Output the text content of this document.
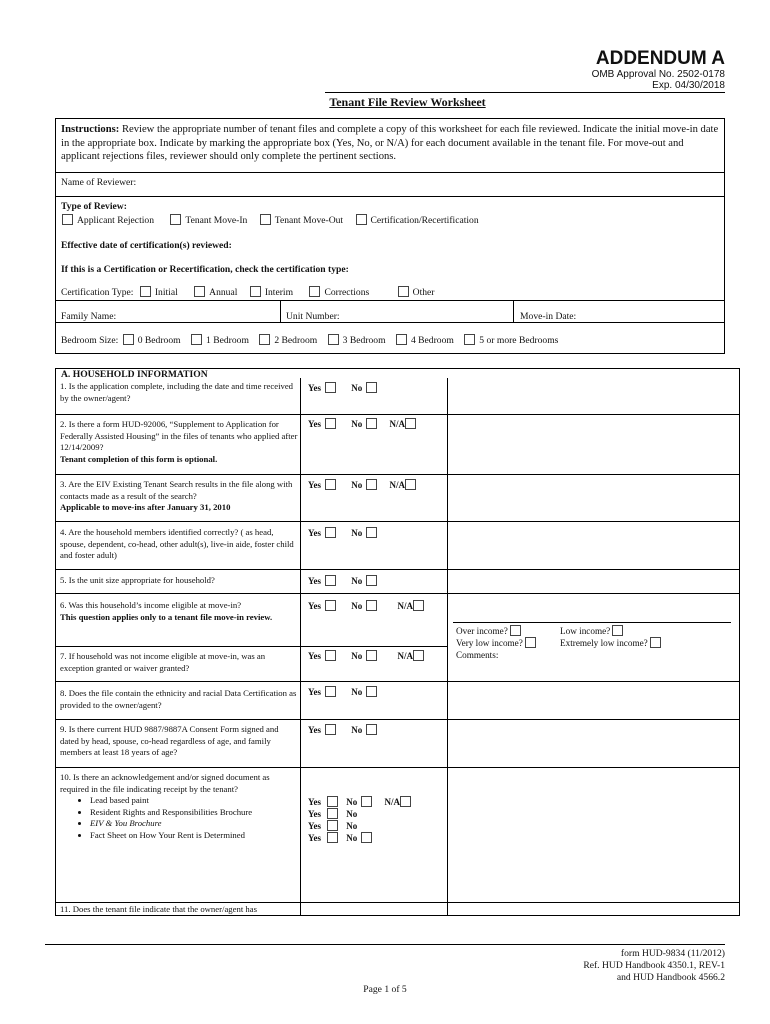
ADDENDUM A
OMB Approval No. 2502-0178
Exp. 04/30/2018
Tenant File Review Worksheet
Instructions: Review the appropriate number of tenant files and complete a copy of this worksheet for each file reviewed. Indicate the initial move-in date in the appropriate box. Indicate by marking the appropriate box (Yes, No, or N/A) for each document available in the tenant file. For move-out and applicant rejections files, reviewer should only complete the pertinent sections.
Name of Reviewer:
Type of Review:
Applicant Rejection	Tenant Move-In	Tenant Move-Out	Certification/Recertification
Effective date of certification(s) reviewed:
If this is a Certification or Recertification, check the certification type:
Certification Type: Initial	Annual	Interim	Corrections	Other
Family Name:	Unit Number:	Move-in Date:
Bedroom Size: 0 Bedroom	1 Bedroom	2 Bedroom	3 Bedroom	4 Bedroom	5 or more Bedrooms
A. HOUSEHOLD INFORMATION
1. Is the application complete, including the date and time received by the owner/agent?
Yes	No
2. Is there a form HUD-92006, “Supplement to Application for Federally Assisted Housing” in the files of tenants who applied after 12/14/2009?
Tenant completion of this form is optional.
Yes	No	N/A
3. Are the EIV Existing Tenant Search results in the file along with contacts made as a result of the search?
Applicable to move-ins after January 31, 2010
Yes	No	N/A
4. Are the household members identified correctly? ( as head, spouse, dependent, co-head, other adult(s), live-in aide, foster child and foster adult)
Yes	No
5. Is the unit size appropriate for household?	Yes	No
6. Was this household’s income eligible at move-in?
This question applies only to a tenant file move-in review.
Yes	No	N/A
Over income?	Low income?
Very low income?	Extremely low income?
Comments:
7. If household was not income eligible at move-in, was an exception granted or waiver granted?
Yes	No	N/A
8. Does the file contain the ethnicity and racial Data Certification as provided to the owner/agent?
Yes	No
9. Is there current HUD 9887/9887A Consent Form signed and dated by head, spouse, co-head regardless of age, and family members at least 18 years of age?
Yes	No
10. Is there an acknowledgement and/or signed document as required in the file indicating receipt by the tenant?
• Lead based paint
• Resident Rights and Responsibilities Brochure
• EIV & You Brochure
• Fact Sheet on How Your Rent is Determined
Yes	No	N/A
Yes	No
Yes	No
Yes	No
11. Does the tenant file indicate that the owner/agent has
form HUD-9834 (11/2012)
Ref. HUD Handbook 4350.1, REV-1
and HUD Handbook 4566.2
Page 1 of 5
